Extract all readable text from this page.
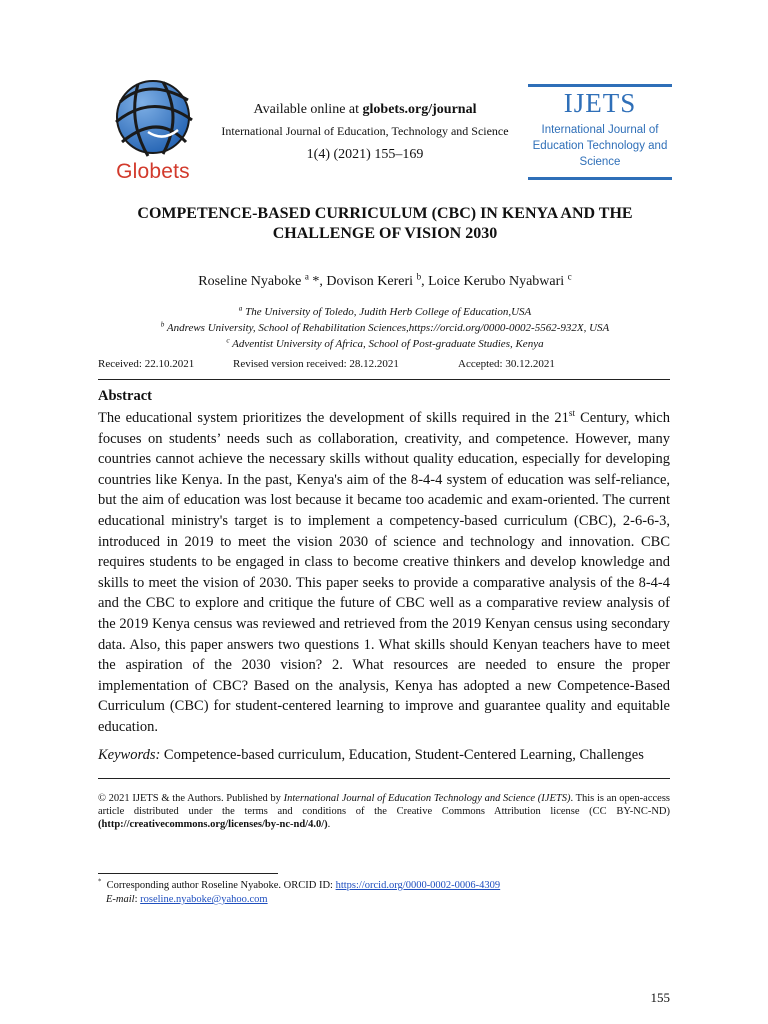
Globets
Available online at globets.org/journal
International Journal of Education, Technology and Science
1(4) (2021) 155–169
IJETS
International Journal of
Education Technology and
Science
COMPETENCE-BASED CURRICULUM (CBC) IN KENYA AND THE
CHALLENGE OF VISION 2030
Roseline Nyaboke $^a$ *, Dovison Kereri $^b$, Loice Kerubo Nyabwari $^c$
$^a$ The University of Toledo, Judith Herb College of Education,USA
$^b$ Andrews University, School of Rehabilitation Sciences,https://orcid.org/0000-0002-5562-932X, USA
$^c$ Adventist University of Africa, School of Post-graduate Studies, Kenya
Received: 22.10.2021	Revised version received: 28.12.2021	Accepted: 30.12.2021
Abstract
The educational system prioritizes the development of skills required in the 21st Century, which focuses on students’ needs such as collaboration, creativity, and competence. However, many countries cannot achieve the necessary skills without quality education, especially for developing countries like Kenya. In the past, Kenya's aim of the 8-4-4 system of education was self-reliance, but the aim of education was lost because it became too academic and exam-oriented. The current educational ministry's target is to implement a competency-based curriculum (CBC), 2-6-6-3, introduced in 2019 to meet the vision 2030 of science and technology and innovation. CBC requires students to be engaged in class to become creative thinkers and develop knowledge and skills to meet the vision of 2030. This paper seeks to provide a comparative analysis of the 8-4-4 and the CBC to explore and critique the future of CBC well as a comparative review analysis of the 2019 Kenya census was reviewed and retrieved from the 2019 Kenyan census using secondary data. Also, this paper answers two questions 1. What skills should Kenyan teachers have to meet the aspiration of the 2030 vision? 2. What resources are needed to ensure the proper implementation of CBC? Based on the analysis, Kenya has adopted a new Competence-Based Curriculum (CBC) for student-centered learning to improve and guarantee quality and equitable education.
Keywords: Competence-based curriculum, Education, Student-Centered Learning, Challenges
© 2021 IJETS & the Authors. Published by International Journal of Education Technology and Science (IJETS). This is an open-access article distributed under the terms and conditions of the Creative Commons Attribution license (CC BY-NC-ND) (http://creativecommons.org/licenses/by-nc-nd/4.0/).
* Corresponding author Roseline Nyaboke. ORCID ID: https://orcid.org/0000-0002-0006-4309
E-mail: roseline.nyaboke@yahoo.com
155
